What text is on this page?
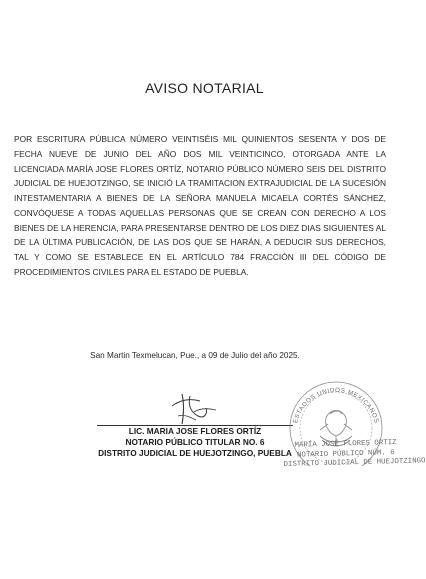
AVISO NOTARIAL
POR ESCRITURA PÚBLICA NÚMERO VEINTISÉIS MIL QUINIENTOS SESENTA Y DOS DE FECHA NUEVE DE JUNIO DEL AÑO DOS MIL VEINTICINCO, OTORGADA ANTE LA LICENCIADA MARÍA JOSE FLORES ORTÍZ, NOTARIO PÚBLICO NÚMERO SEIS DEL DISTRITO JUDICIAL DE HUEJOTZINGO, SE INICIÓ LA TRAMITACION EXTRAJUDICIAL DE LA SUCESIÓN INTESTAMENTARIA A BIENES DE LA SEÑORA MANUELA MICAELA CORTÉS SÁNCHEZ, CONVÓQUESE A TODAS AQUELLAS PERSONAS QUE SE CREAN CON DERECHO A LOS BIENES DE LA HERENCIA, PARA PRESENTARSE DENTRO DE LOS DIEZ DIAS SIGUIENTES AL DE LA ÚLTIMA PUBLICACIÓN, DE LAS DOS QUE SE HARÁN, A DEDUCIR SUS DERECHOS, TAL Y COMO SE ESTABLECE EN EL ARTÍCULO 784 FRACCIÓN III DEL CÓDIGO DE PROCEDIMIENTOS CIVILES PARA EL ESTADO DE PUEBLA.
San Martin Texmelucan, Pue., a 09 de Julio del año 2025.
LIC. MARIA JOSE FLORES ORTÍZ
NOTARIO PÚBLICO TITULAR NO. 6
DISTRITO JUDICIAL DE HUEJOTZINGO, PUEBLA
ESTADOS UNIDOS MEXICANOS
MARÍA JOSÉ FLORES ORTIZ
NOTARIO PÚBLICO NÚM. 6
DISTRITO JUDICIAL DE HUEJOTZINGO
